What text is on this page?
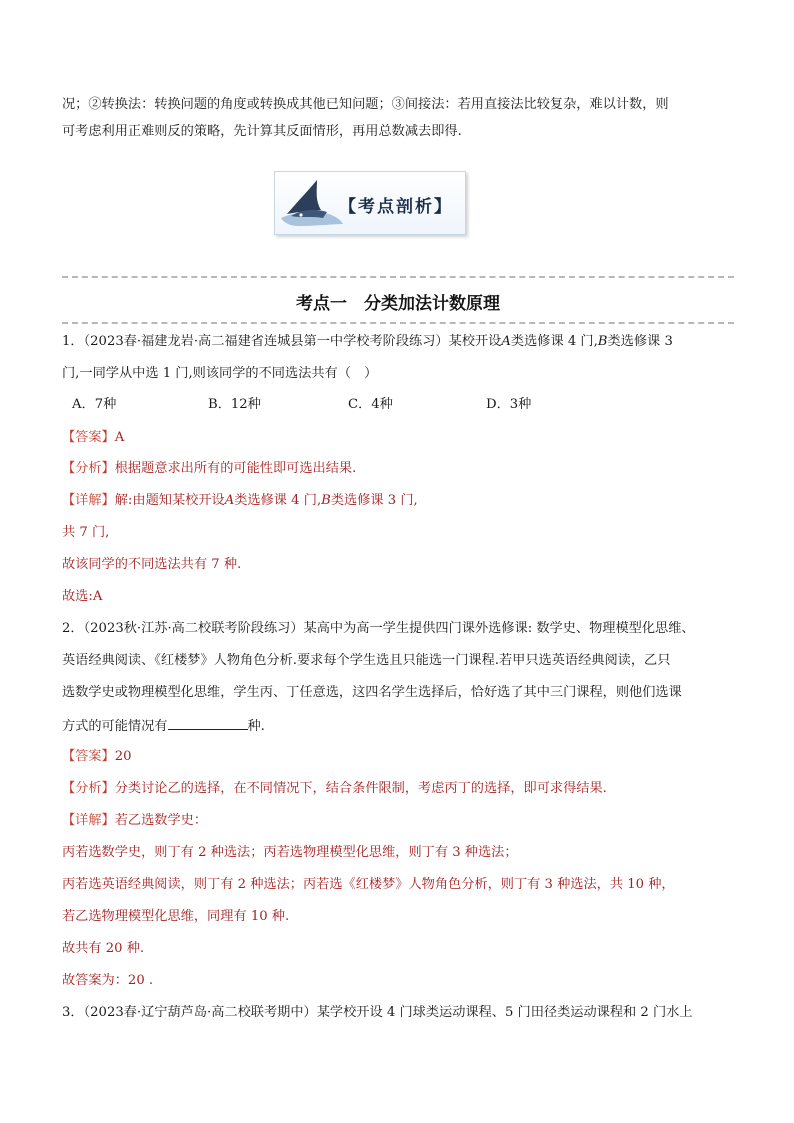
况；②转换法：转换问题的角度或转换成其他已知问题；③间接法：若用直接法比较复杂，难以计数，则
可考虑利用正难则反的策略，先计算其反面情形，再用总数减去即得.
【考点剖析】
考点一　分类加法计数原理
1．（2023春·福建龙岩·高二福建省连城县第一中学校考阶段练习）某校开设A类选修课 4 门,B类选修课 3
门,一同学从中选 1 门,则该同学的不同选法共有（　）
A．7种	B．12种	C．4种	D．3种
【答案】A
【分析】根据题意求出所有的可能性即可选出结果.
【详解】解:由题知某校开设A类选修课 4 门,B类选修课 3 门,
共 7 门,
故该同学的不同选法共有 7 种.
故选:A
2．（2023秋·江苏·高二校联考阶段练习）某高中为高一学生提供四门课外选修课: 数学史、物理模型化思维、
英语经典阅读、《红楼梦》人物角色分析.要求每个学生选且只能选一门课程.若甲只选英语经典阅读，乙只
选数学史或物理模型化思维，学生丙、丁任意选，这四名学生选择后，恰好选了其中三门课程，则他们选课
方式的可能情况有	种.
【答案】20
【分析】分类讨论乙的选择，在不同情况下，结合条件限制，考虑丙丁的选择，即可求得结果.
【详解】若乙选数学史：
丙若选数学史，则丁有 2 种选法；丙若选物理模型化思维，则丁有 3 种选法；
丙若选英语经典阅读，则丁有 2 种选法；丙若选《红楼梦》人物角色分析，则丁有 3 种选法，共 10 种，
若乙选物理模型化思维，同理有 10 种.
故共有 20 种.
故答案为：20 .
3．（2023春·辽宁葫芦岛·高二校联考期中）某学校开设 4 门球类运动课程、5 门田径类运动课程和 2 门水上
